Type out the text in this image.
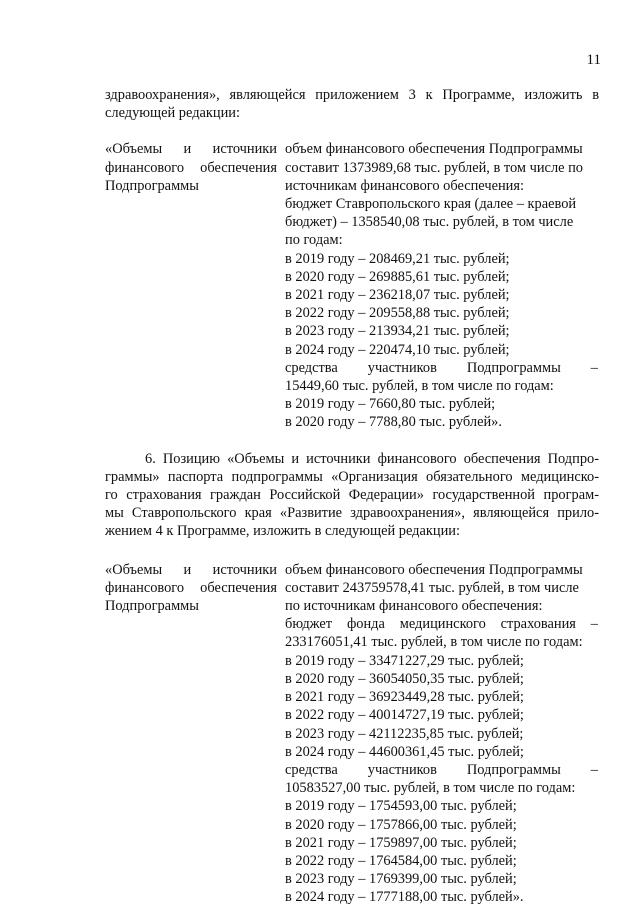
11

здравоохранения», являющейся приложением 3 к Программе, изложить в

следующей редакции:

«Объемы и источники
финансового обеспечения
Подпрограммы
объем финансового обеспечения Подпрограммы
составит 1373989,68 тыс. рублей, в том числе по
источникам финансового обеспечения:
бюджет Ставропольского края (далее – краевой
бюджет) – 1358540,08 тыс. рублей, в том числе
по годам:
в 2019 году – 208469,21 тыс. рублей;
в 2020 году – 269885,61 тыс. рублей;
в 2021 году – 236218,07 тыс. рублей;
в 2022 году – 209558,88 тыс. рублей;
в 2023 году – 213934,21 тыс. рублей;
в 2024 году – 220474,10 тыс. рублей;
средства участников Подпрограммы –
15449,60 тыс. рублей, в том числе по годам:
в 2019 году – 7660,80 тыс. рублей;
в 2020 году – 7788,80 тыс. рублей».

6. Позицию «Объемы и источники финансового обеспечения Подпро-

граммы» паспорта подпрограммы «Организация обязательного медицинско-

го страхования граждан Российской Федерации» государственной програм-

мы Ставропольского края «Развитие здравоохранения», являющейся прило-

жением 4 к Программе, изложить в следующей редакции:

«Объемы и источники
финансового обеспечения
Подпрограммы
объем финансового обеспечения Подпрограммы
составит 243759578,41 тыс. рублей, в том числе
по источникам финансового обеспечения:
бюджет фонда медицинского страхования –
233176051,41 тыс. рублей, в том числе по годам:
в 2019 году – 33471227,29 тыс. рублей;
в 2020 году – 36054050,35 тыс. рублей;
в 2021 году – 36923449,28 тыс. рублей;
в 2022 году – 40014727,19 тыс. рублей;
в 2023 году – 42112235,85 тыс. рублей;
в 2024 году – 44600361,45 тыс. рублей;
средства участников Подпрограммы –
10583527,00 тыс. рублей, в том числе по годам:
в 2019 году – 1754593,00 тыс. рублей;
в 2020 году – 1757866,00 тыс. рублей;
в 2021 году – 1759897,00 тыс. рублей;
в 2022 году – 1764584,00 тыс. рублей;
в 2023 году – 1769399,00 тыс. рублей;
в 2024 году – 1777188,00 тыс. рублей».
